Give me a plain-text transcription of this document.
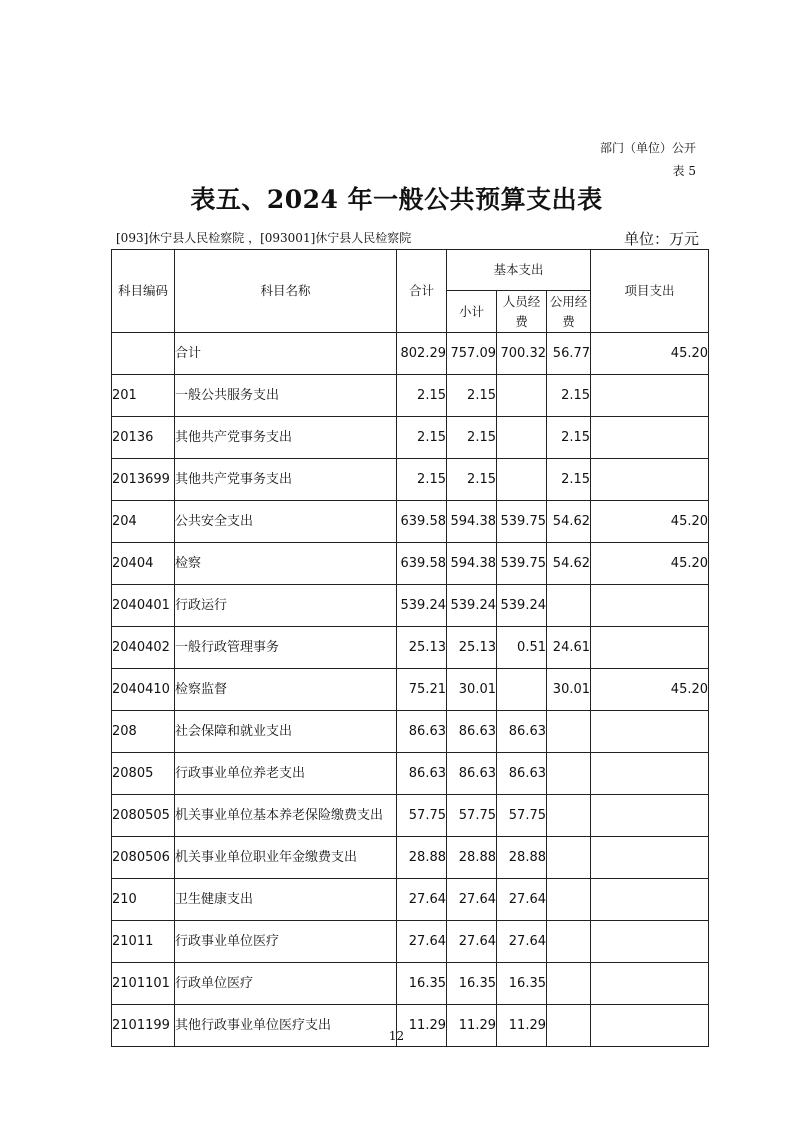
部门（单位）公开
表 5
表五、2024 年一般公共预算支出表
[093]休宁县人民检察院 ，[093001]休宁县人民检察院	单位：万元
科目编码	科目名称	合计	基本支出			项目支出
			小计	人员经费	公用经费	
	合计	802.29	757.09	700.32	56.77	45.20
201	一般公共服务支出	2.15	2.15		2.15	
20136	其他共产党事务支出	2.15	2.15		2.15	
2013699	其他共产党事务支出	2.15	2.15		2.15	
204	公共安全支出	639.58	594.38	539.75	54.62	45.20
20404	检察	639.58	594.38	539.75	54.62	45.20
2040401	行政运行	539.24	539.24	539.24		
2040402	一般行政管理事务	25.13	25.13	0.51	24.61	
2040410	检察监督	75.21	30.01		30.01	45.20
208	社会保障和就业支出	86.63	86.63	86.63		
20805	行政事业单位养老支出	86.63	86.63	86.63		
2080505	机关事业单位基本养老保险缴费支出	57.75	57.75	57.75		
2080506	机关事业单位职业年金缴费支出	28.88	28.88	28.88		
210	卫生健康支出	27.64	27.64	27.64		
21011	行政事业单位医疗	27.64	27.64	27.64		
2101101	行政单位医疗	16.35	16.35	16.35		
2101199	其他行政事业单位医疗支出	11.29	11.29	11.29		
12
